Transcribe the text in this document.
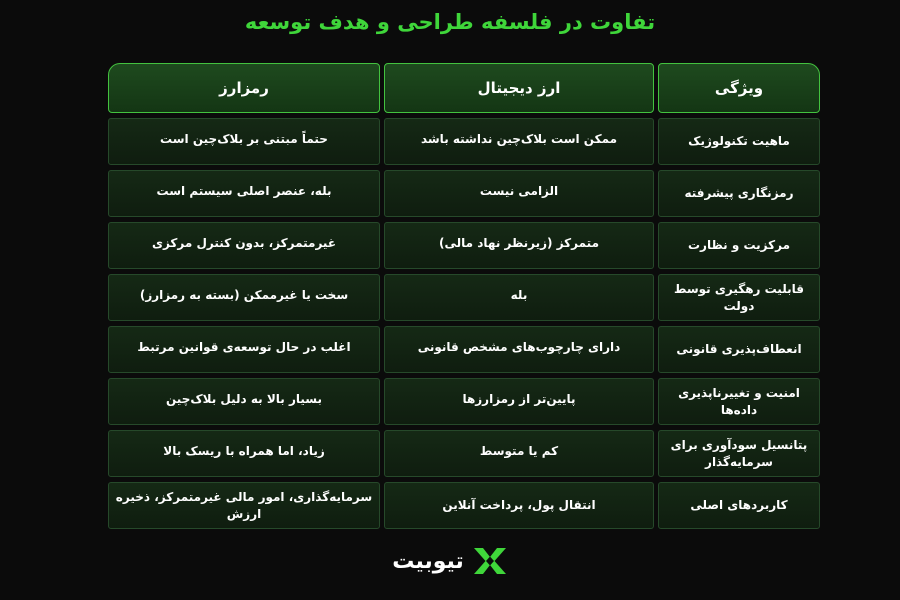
تفاوت در فلسفه طراحی و هدف توسعه
ویژگی
ارز دیجیتال
رمزارز
ماهیت تکنولوژیک
ممکن است بلاک‌چین نداشته باشد
حتماً مبتنی بر بلاک‌چین است
رمزنگاری پیشرفته
الزامی نیست
بله، عنصر اصلی سیستم است
مرکزیت و نظارت
متمرکز (زیرنظر نهاد مالی)
غیرمتمرکز، بدون کنترل مرکزی
قابلیت رهگیری توسط دولت
بله
سخت یا غیرممکن (بسته به رمزارز)
انعطاف‌پذیری قانونی
دارای چارچوب‌های مشخص قانونی
اغلب در حال توسعه‌ی قوانین مرتبط
امنیت و تغییرناپذیری داده‌ها
پایین‌تر از رمزارزها
بسیار بالا به دلیل بلاک‌چین
پتانسیل سودآوری برای سرمایه‌گذار
کم یا متوسط
زیاد، اما همراه با ریسک بالا
کاربردهای اصلی
انتقال پول، پرداخت آنلاین
سرمایه‌گذاری، امور مالی غیرمتمرکز، ذخیره ارزش
تیوبیت
